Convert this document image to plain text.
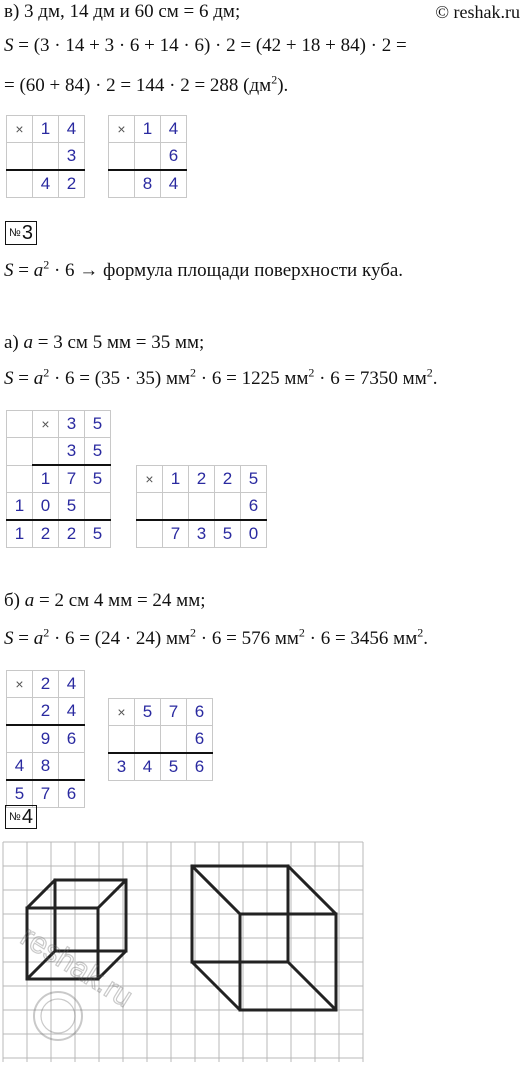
в) 3 дм, 14 дм и 60 см = 6 дм;	© reshak.ru
S = (3 · 14 + 3 · 6 + 14 · 6) · 2 = (42 + 18 + 84) · 2 =
= (60 + 84) · 2 = 144 · 2 = 288 $(дм^2)$.
×	1	4
		3
	4	2
×	1	4
		6
	8	4
№ 3
$S = a^2 \cdot 6$ → формула площади поверхности куба.
а) a = 3 см 5 мм = 35 мм;
$S = a^2 \cdot 6 = (35 \cdot 35) мм^2 \cdot 6 = 1225$ $мм^2 \cdot 6 = 7350$ $мм^2$.
	×	3	5
		3	5
	1	7	5
1	0	5	
1	2	2	5
×	1	2	2	5
				6
	7	3	5	0
б) a = 2 см 4 мм = 24 мм;
$S = a^2 \cdot 6 = (24 \cdot 24) мм^2 \cdot 6 = 576$ $мм^2 \cdot 6 = 3456$ $мм^2$.
×	2	4
	2	4
	9	6
4	8	
5	7	6
×	5	7	6
			6
3	4	5	6
№ 4
reshak.ru
